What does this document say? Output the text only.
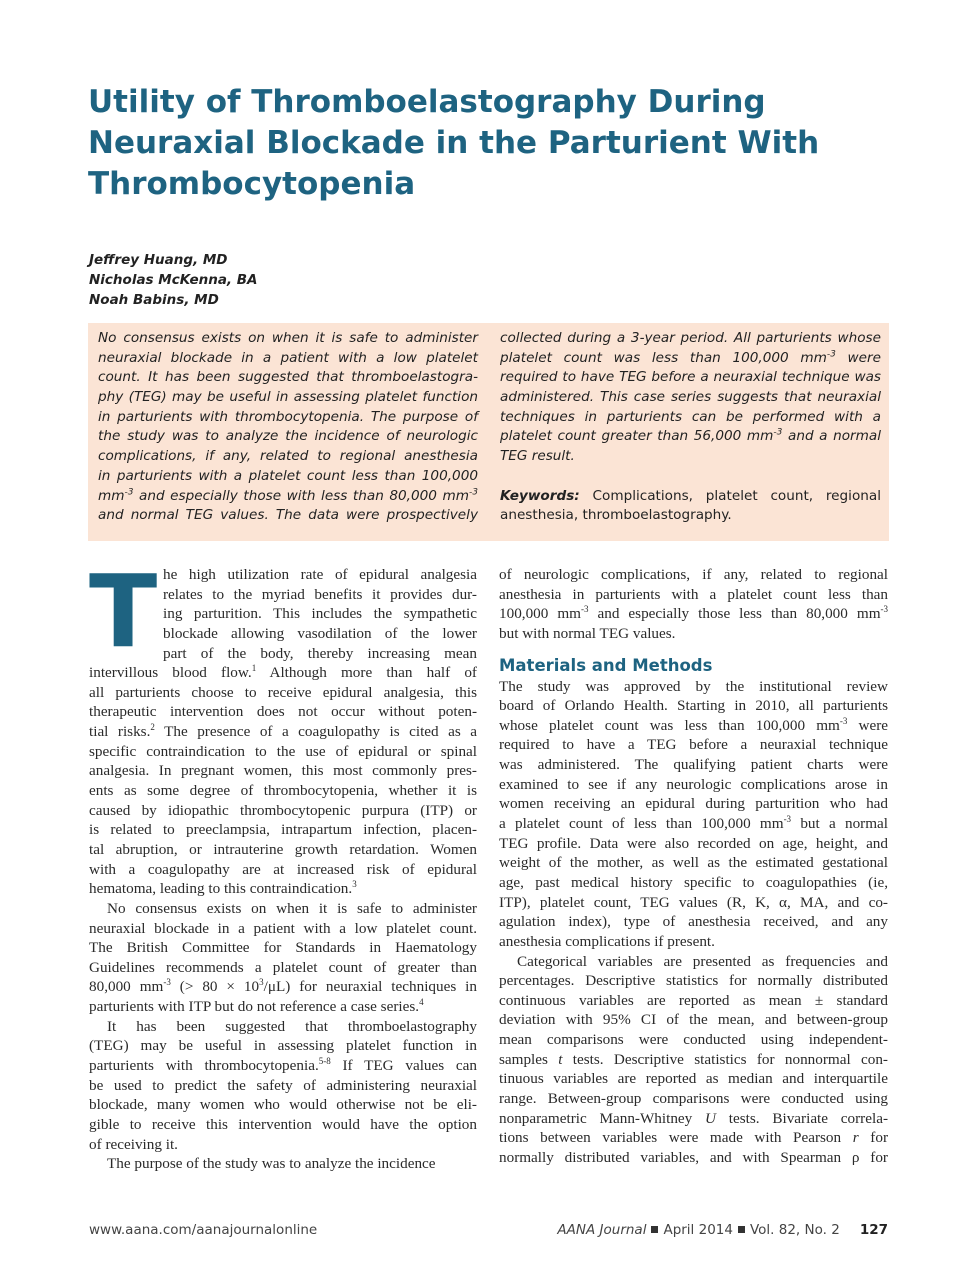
Utility of Thromboelastography During
Neuraxial Blockade in the Parturient With
Thrombocytopenia
Jeffrey Huang, MD
Nicholas McKenna, BA
Noah Babins, MD
No consensus exists on when it is safe to administer
neuraxial blockade in a patient with a low platelet
count. It has been suggested that thromboelastogra-
phy (TEG) may be useful in assessing platelet function
in parturients with thrombocytopenia. The purpose of
the study was to analyze the incidence of neurologic
complications, if any, related to regional anesthesia
in parturients with a platelet count less than 100,000
$mm^{-3}$ and especially those with less than 80,000 $mm^{-3}$
and normal TEG values. The data were prospectively
collected during a 3-year period. All parturients whose
platelet count was less than 100,000 $mm^{-3}$ were
required to have TEG before a neuraxial technique was
administered. This case series suggests that neuraxial
techniques in parturients can be performed with a
platelet count greater than 56,000 $mm^{-3}$ and a normal
TEG result.

Keywords: Complications, platelet count, regional
anesthesia, thromboelastography.
T he high utilization rate of epidural analgesia
relates to the myriad benefits it provides dur-
ing parturition. This includes the sympathetic
blockade allowing vasodilation of the lower
part of the body, thereby increasing mean
intervillous blood flow.$^1$ Although more than half of
all parturients choose to receive epidural analgesia, this
therapeutic intervention does not occur without poten-
tial risks.$^2$ The presence of a coagulopathy is cited as a
specific contraindication to the use of epidural or spinal
analgesia. In pregnant women, this most commonly pres-
ents as some degree of thrombocytopenia, whether it is
caused by idiopathic thrombocytopenic purpura (ITP) or
is related to preeclampsia, intrapartum infection, placen-
tal abruption, or intrauterine growth retardation. Women
with a coagulopathy are at increased risk of epidural
hematoma, leading to this contraindication.$^3$
No consensus exists on when it is safe to administer
neuraxial blockade in a patient with a low platelet count.
The British Committee for Standards in Haematology
Guidelines recommends a platelet count of greater than
80,000 $mm^{-3}$ (> $80 \times 10^3/\mu L$) for neuraxial techniques in
parturients with ITP but do not reference a case series.$^4$
It has been suggested that thromboelastography
(TEG) may be useful in assessing platelet function in
parturients with thrombocytopenia.$^{5-8}$ If TEG values can
be used to predict the safety of administering neuraxial
blockade, many women who would otherwise not be eli-
gible to receive this intervention would have the option
of receiving it.
The purpose of the study was to analyze the incidence
of neurologic complications, if any, related to regional
anesthesia in parturients with a platelet count less than
100,000 $mm^{-3}$ and especially those less than 80,000 $mm^{-3}$
but with normal TEG values.
Materials and Methods
The study was approved by the institutional review
board of Orlando Health. Starting in 2010, all parturients
whose platelet count was less than 100,000 $mm^{-3}$ were
required to have a TEG before a neuraxial technique
was administered. The qualifying patient charts were
examined to see if any neurologic complications arose in
women receiving an epidural during parturition who had
a platelet count of less than 100,000 $mm^{-3}$ but a normal
TEG profile. Data were also recorded on age, height, and
weight of the mother, as well as the estimated gestational
age, past medical history specific to coagulopathies (ie,
ITP), platelet count, TEG values (R, K, α, MA, and co-
agulation index), type of anesthesia received, and any
anesthesia complications if present.
Categorical variables are presented as frequencies and
percentages. Descriptive statistics for normally distributed
continuous variables are reported as mean ± standard
deviation with 95% CI of the mean, and between-group
mean comparisons were conducted using independent-
samples t tests. Descriptive statistics for nonnormal con-
tinuous variables are reported as median and interquartile
range. Between-group comparisons were conducted using
nonparametric Mann-Whitney U tests. Bivariate correla-
tions between variables were made with Pearson r for
normally distributed variables, and with Spearman ρ for
www.aana.com/aanajournalonline	AANA Journal April 2014 Vol. 82, No. 2 127
